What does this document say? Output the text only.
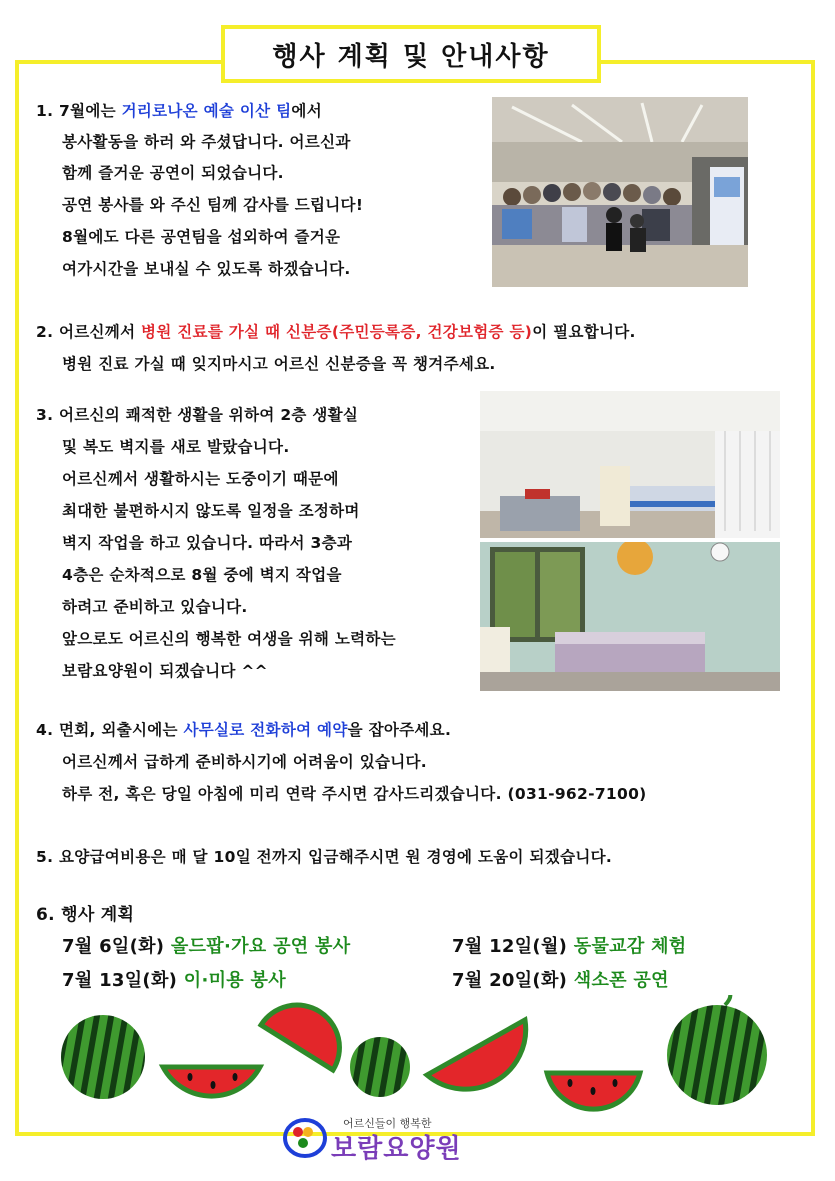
행사 계획 및 안내사항
1. 7월에는 거리로나온 예술 이산 팀에서
봉사활동을 하러 와 주셨답니다. 어르신과
함께 즐거운 공연이 되었습니다.
공연 봉사를 와 주신 팀께 감사를 드립니다!
8월에도 다른 공연팀을 섭외하여 즐거운
여가시간을 보내실 수 있도록 하겠습니다.
2. 어르신께서 병원 진료를 가실 때 신분증(주민등록증, 건강보험증 등)이 필요합니다.
병원 진료 가실 때 잊지마시고 어르신 신분증을 꼭 챙겨주세요.
3. 어르신의 쾌적한 생활을 위하여 2층 생활실
및 복도 벽지를 새로 발랐습니다.
어르신께서 생활하시는 도중이기 때문에
최대한 불편하시지 않도록 일정을 조정하며
벽지 작업을 하고 있습니다. 따라서 3층과
4층은 순차적으로 8월 중에 벽지 작업을
하려고 준비하고 있습니다.
앞으로도 어르신의 행복한 여생을 위해 노력하는
보람요양원이 되겠습니다 ^^
4. 면회, 외출시에는 사무실로 전화하여 예약을 잡아주세요.
어르신께서 급하게 준비하시기에 어려움이 있습니다.
하루 전, 혹은 당일 아침에 미리 연락 주시면 감사드리겠습니다. (031-962-7100)
5. 요양급여비용은 매 달 10일 전까지 입금해주시면 원 경영에 도움이 되겠습니다.
6. 행사 계획
7월 6일(화) 올드팝·가요 공연 봉사	7월 12일(월) 동물교감 체험
7월 13일(화) 이·미용 봉사	7월 20일(화) 색소폰 공연
어르신들이 행복한
보람요양원
